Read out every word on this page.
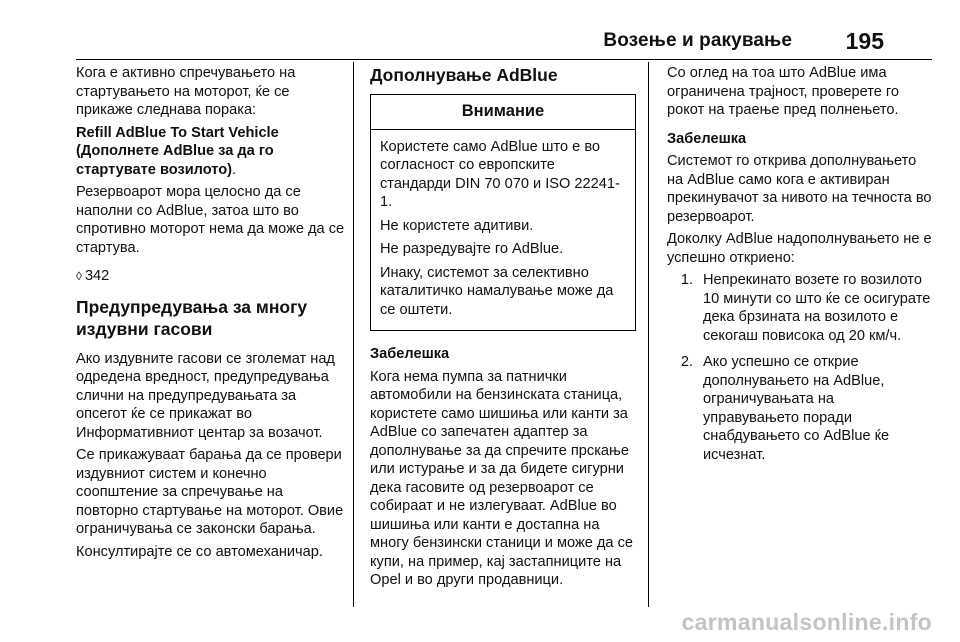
Возење и ракување 195

Кога е активно спречувањето на стартувањето на моторот, ќе се прикаже следнава порака:

Refill AdBlue To Start Vehicle

(Дополнете AdBlue за да го стартувате возилото).

Резервоарот мора целосно да се наполни со AdBlue, затоа што во спротивно моторот нема да може да се стартува.

◊ 342

Предупредувања за многу издувни гасови

Ако издувните гасови се зголемат над одредена вредност, предупредувања слични на предупредувањата за опсегот ќе се прикажат во Информативниот центар за возачот.

Се прикажуваат барања да се провери издувниот систем и конечно соопштение за спречување на повторно стартување на моторот. Овие ограничувања се законски барања.

Консултирајте се со автомеханичар.

Дополнување AdBlue
Внимание

Користете само AdBlue што е во согласност со европските стандарди DIN 70 070 и ISO 22241-1.

Не користете адитиви.

Не разредувајте го AdBlue.

Инаку, системот за селективно каталитичко намалување може да се оштети.

Забелешка

Кога нема пумпа за патнички автомобили на бензинската станица, користете само шишиња или канти за AdBlue со запечатен адаптер за дополнување за да спречите прскање или истурање и за да бидете сигурни дека гасовите од резервоарот се собираат и не излегуваат. AdBlue во шишиња или канти е достапна на многу бензински станици и може да се купи, на пример, кај застапниците на Opel и во други продавници.

Со оглед на тоа што AdBlue има ограничена трајност, проверете го рокот на траење пред полнењето.

Забелешка

Системот го открива дополнувањето на AdBlue само кога е активиран прекинувачот за нивото на течноста во резервоарот.

Доколку AdBlue надополнувањето не е успешно откриено:

1. Непрекинато возете го возилото 10 минути со што ќе се осигурате дека брзината на возилото е секогаш повисока од 20 км/ч.
2. Ако успешно се открие дополнувањето на AdBlue, ограничувањата на управувањето поради снабдувањето со AdBlue ќе исчезнат.
carmanualsonline.info
